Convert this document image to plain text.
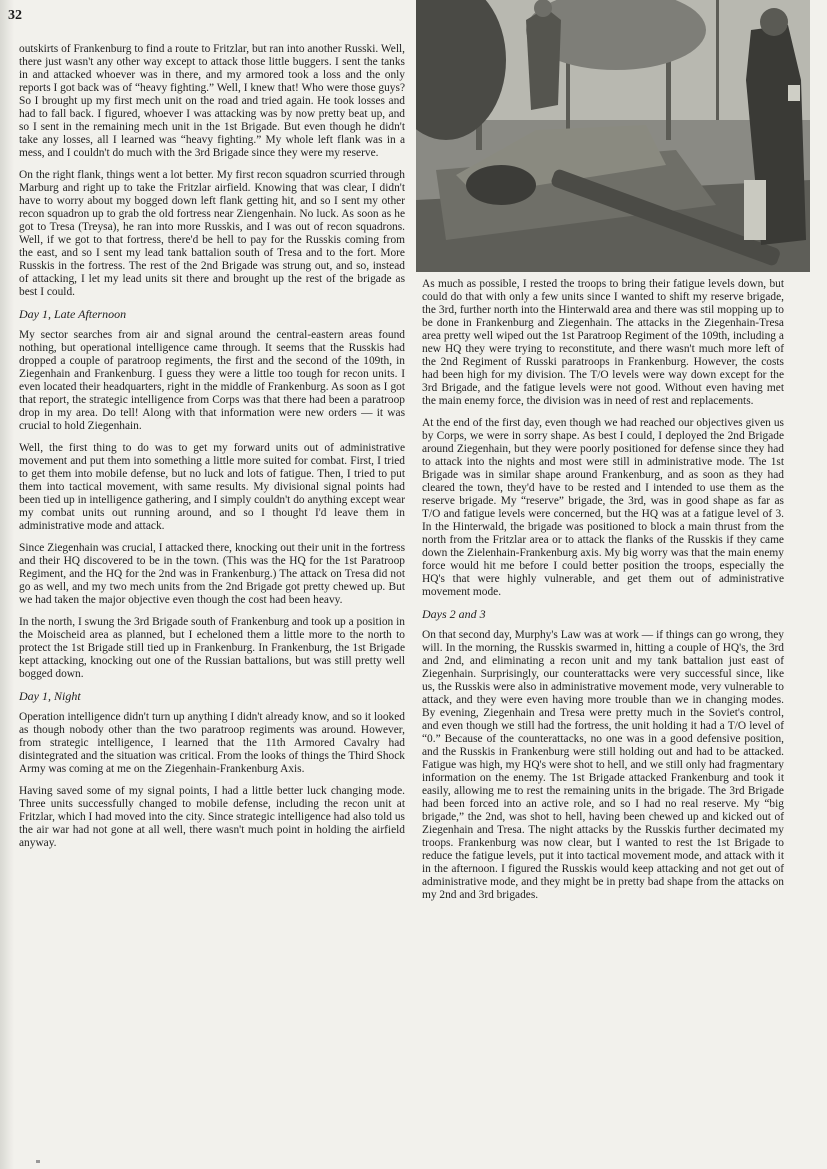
32

outskirts of Frankenburg to find a route to Fritzlar, but ran into another Russki. Well, there just wasn't any other way except to attack those little buggers. I sent the tanks in and attacked whoever was in there, and my armored took a loss and the only reports I got back was of “heavy fighting.” Well, I knew that! Who were those guys? So I brought up my first mech unit on the road and tried again. He took losses and had to fall back. I figured, whoever I was attacking was by now pretty beat up, and so I sent in the remaining mech unit in the 1st Brigade. But even though he didn't take any losses, all I learned was “heavy fighting.” My whole left flank was in a mess, and I couldn't do much with the 3rd Brigade since they were my reserve.

On the right flank, things went a lot better. My first recon squadron scurried through Marburg and right up to take the Fritzlar airfield. Knowing that was clear, I didn't have to worry about my bogged down left flank getting hit, and so I sent my other recon squadron up to grab the old fortress near Ziengenhain. No luck. As soon as he got to Tresa (Treysa), he ran into more Russkis, and I was out of recon squadrons. Well, if we got to that fortress, there'd be hell to pay for the Russkis coming from the east, and so I sent my lead tank battalion south of Tresa and to the fort. More Russkis in the fortress. The rest of the 2nd Brigade was strung out, and so, instead of attacking, I let my lead units sit there and brought up the rest of the brigade as best I could.

Day 1, Late Afternoon

My sector searches from air and signal around the central-eastern areas found nothing, but operational intelligence came through. It seems that the Russkis had dropped a couple of paratroop regiments, the first and the second of the 109th, in Ziegenhain and Frankenburg. I guess they were a little too tough for recon units. I even located their headquarters, right in the middle of Frankenburg. As soon as I got that report, the strategic intelligence from Corps was that there had been a paratroop drop in my area. Do tell! Along with that information were new orders — it was crucial to hold Ziegenhain.

Well, the first thing to do was to get my forward units out of administrative movement and put them into something a little more suited for combat. First, I tried to get them into mobile defense, but no luck and lots of fatigue. Then, I tried to put them into tactical movement, with same results. My divisional signal points had been tied up in intelligence gathering, and I simply couldn't do anything except wear my combat units out running around, and so I thought I'd leave them in administrative mode and attack.

Since Ziegenhain was crucial, I attacked there, knocking out their unit in the fortress and their HQ discovered to be in the town. (This was the HQ for the 1st Paratroop Regiment, and the HQ for the 2nd was in Frankenburg.) The attack on Tresa did not go as well, and my two mech units from the 2nd Brigade got pretty chewed up. But we had taken the major objective even though the cost had been heavy.

In the north, I swung the 3rd Brigade south of Frankenburg and took up a position in the Moischeid area as planned, but I echeloned them a little more to the north to protect the 1st Brigade still tied up in Frankenburg. In Frankenburg, the 1st Brigade kept attacking, knocking out one of the Russian battalions, but was still pretty well bogged down.

Day 1, Night

Operation intelligence didn't turn up anything I didn't already know, and so it looked as though nobody other than the two paratroop regiments was around. However, from strategic intelligence, I learned that the 11th Armored Cavalry had disintegrated and the situation was critical. From the looks of things the Third Shock Army was coming at me on the Ziegenhain-Frankenburg Axis.

Having saved some of my signal points, I had a little better luck changing mode. Three units successfully changed to mobile defense, including the recon unit at Fritzlar, which I had moved into the city. Since strategic intelligence had also told us the air war had not gone at all well, there wasn't much point in holding the airfield anyway.

As much as possible, I rested the troops to bring their fatigue levels down, but could do that with only a few units since I wanted to shift my reserve brigade, the 3rd, further north into the Hinterwald area and there was stil mopping up to be done in Frankenburg and Ziegenhain. The attacks in the Ziegenhain-Tresa area pretty well wiped out the 1st Paratroop Regiment of the 109th, including a new HQ they were trying to reconstitute, and there wasn't much more left of the 2nd Regiment of Russki paratroops in Frankenburg. However, the costs had been high for my division. The T/O levels were way down except for the 3rd Brigade, and the fatigue levels were not good. Without even having met the main enemy force, the division was in need of rest and replacements.

At the end of the first day, even though we had reached our objectives given us by Corps, we were in sorry shape. As best I could, I deployed the 2nd Brigade around Ziegenhain, but they were poorly positioned for defense since they had to attack into the nights and most were still in administrative mode. The 1st Brigade was in similar shape around Frankenburg, and as soon as they had cleared the town, they'd have to be rested and I intended to use them as the reserve brigade. My “reserve” brigade, the 3rd, was in good shape as far as T/O and fatigue levels were concerned, but the HQ was at a fatigue level of 3. In the Hinterwald, the brigade was positioned to block a main thrust from the north from the Fritzlar area or to attack the flanks of the Russkis if they came down the Zielenhain-Frankenburg axis. My big worry was that the main enemy force would hit me before I could better position the troops, especially the HQ's that were highly vulnerable, and get them out of administrative movement mode.

Days 2 and 3

On that second day, Murphy's Law was at work — if things can go wrong, they will. In the morning, the Russkis swarmed in, hitting a couple of HQ's, the 3rd and 2nd, and eliminating a recon unit and my tank battalion just east of Ziegenhain. Surprisingly, our counterattacks were very successful since, like us, the Russkis were also in administrative movement mode, very vulnerable to attack, and they were even having more trouble than we in changing modes. By evening, Ziegenhain and Tresa were pretty much in the Soviet's control, and even though we still had the fortress, the unit holding it had a T/O level of “0.” Because of the counterattacks, no one was in a good defensive position, and the Russkis in Frankenburg were still holding out and had to be attacked. Fatigue was high, my HQ's were shot to hell, and we still only had fragmentary information on the enemy. The 1st Brigade attacked Frankenburg and took it easily, allowing me to rest the remaining units in the brigade. The 3rd Brigade had been forced into an active role, and so I had no real reserve. My “big brigade,” the 2nd, was shot to hell, having been chewed up and kicked out of Ziegenhain and Tresa. The night attacks by the Russkis further decimated my troops. Frankenburg was now clear, but I wanted to rest the 1st Brigade to reduce the fatigue levels, put it into tactical movement mode, and attack with it in the afternoon. I figured the Russkis would keep attacking and not get out of administrative mode, and they might be in pretty bad shape from the attacks on my 2nd and 3rd brigades.
